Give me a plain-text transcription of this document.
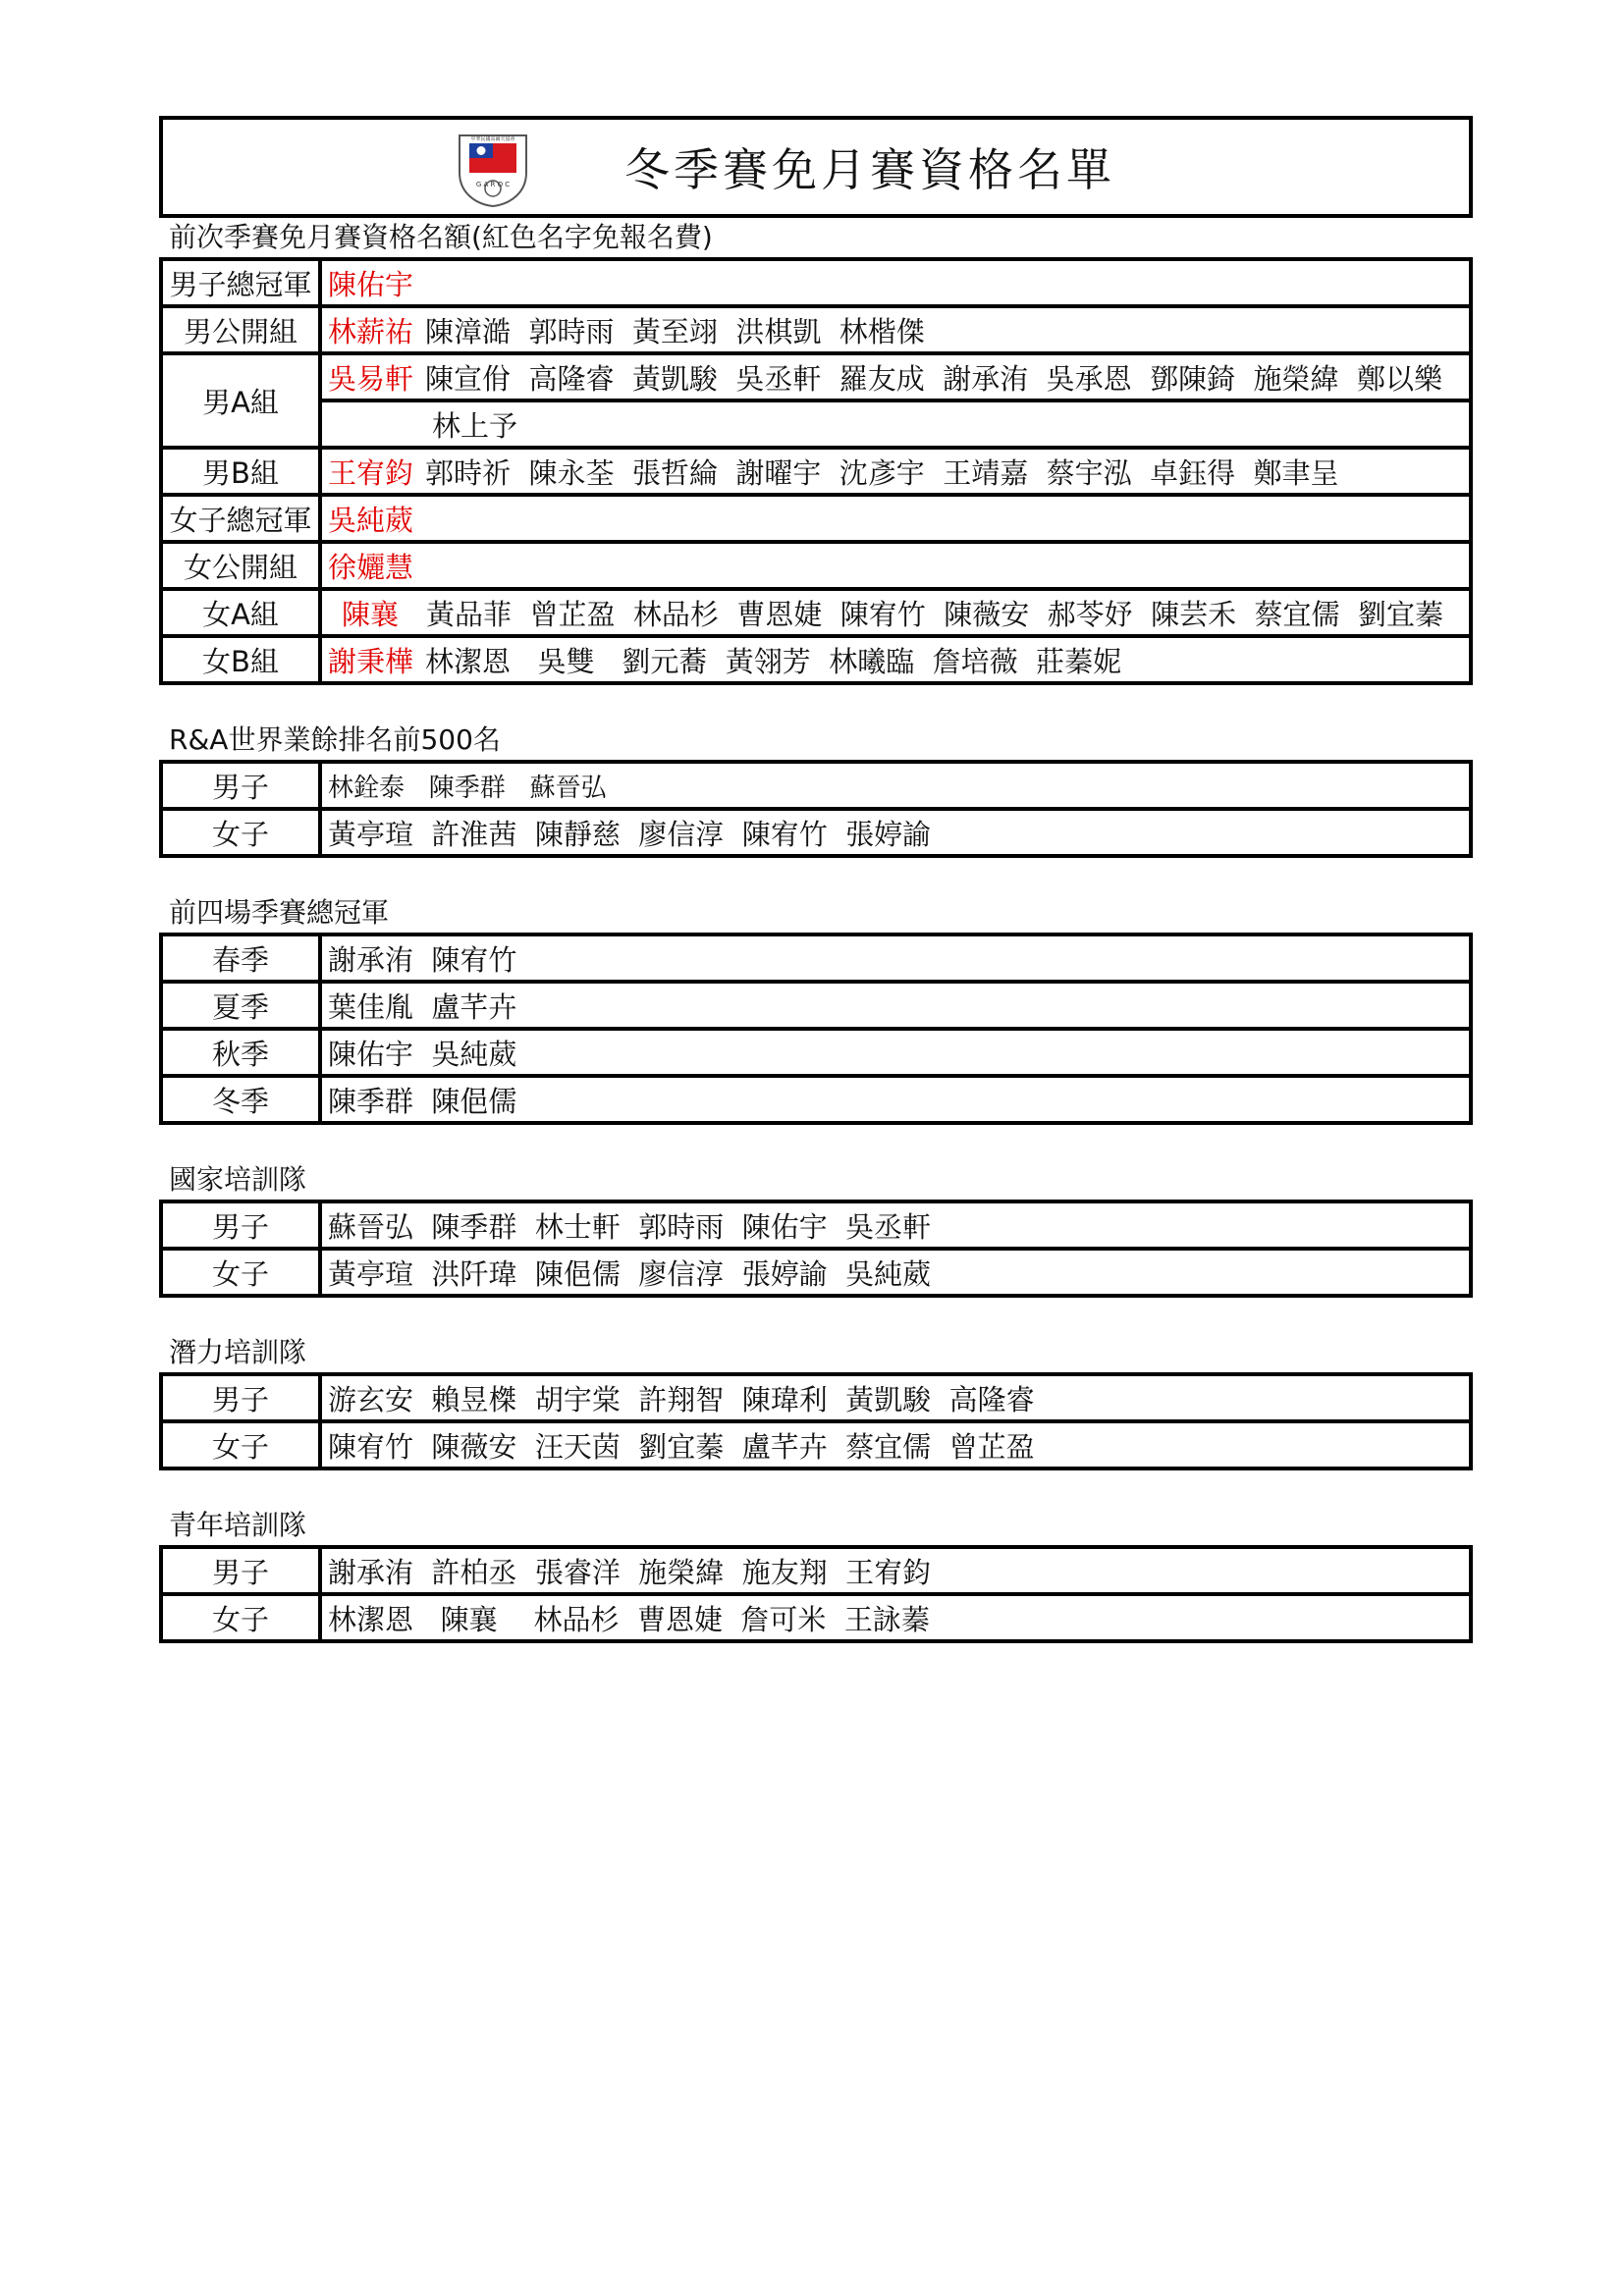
中華民國高爾夫協會
G A R O C	冬季賽免月賽資格名單
前次季賽免月賽資格名額(紅色名字免報名費)
男子總冠軍	陳佑宇
男公開組	林薪祐 陳漳澔  郭時雨  黃至翊  洪棋凱  林楷傑
男A組	吳易軒 陳宣佾  高隆睿  黃凱駿  吳丞軒  羅友成  謝承洧  吳承恩  鄧陳錡  施榮緯  鄭以樂
	林上予
男B組	王宥鈞 郭時祈  陳永荃  張哲綸  謝曜宇  沈彥宇  王靖嘉  蔡宇泓  卓鈺得  鄭聿呈
女子總冠軍	吳純葳
女公開組	徐孋慧
女A組	陳襄 黃品菲  曾芷盈  林品杉  曹恩婕  陳宥竹  陳薇安  郝苓妤  陳芸禾  蔡宜儒  劉宜蓁
女B組	謝秉樺 林潔恩   吳雙   劉元蕎  黃翎芳  林曦臨  詹培薇  莊蓁妮
R&A世界業餘排名前500名
男子	林銓泰   陳季群   蘇晉弘
女子	黃亭瑄  許淮茜  陳靜慈  廖信淳  陳宥竹  張婷諭
前四場季賽總冠軍
春季	謝承洧  陳宥竹
夏季	葉佳胤  盧芊卉
秋季	陳佑宇  吳純葳
冬季	陳季群  陳俋儒
國家培訓隊
男子	蘇晉弘  陳季群  林士軒  郭時雨  陳佑宇  吳丞軒
女子	黃亭瑄  洪阡瑋  陳俋儒  廖信淳  張婷諭  吳純葳
潛力培訓隊
男子	游玄安  賴昱榤  胡宇棠  許翔智  陳瑋利  黃凱駿  高隆睿
女子	陳宥竹  陳薇安  汪天茵  劉宜蓁  盧芊卉  蔡宜儒  曾芷盈
青年培訓隊
男子	謝承洧  許柏丞  張睿洋  施榮緯  施友翔  王宥鈞
女子	林潔恩   陳襄    林品杉  曹恩婕  詹可米  王詠蓁
